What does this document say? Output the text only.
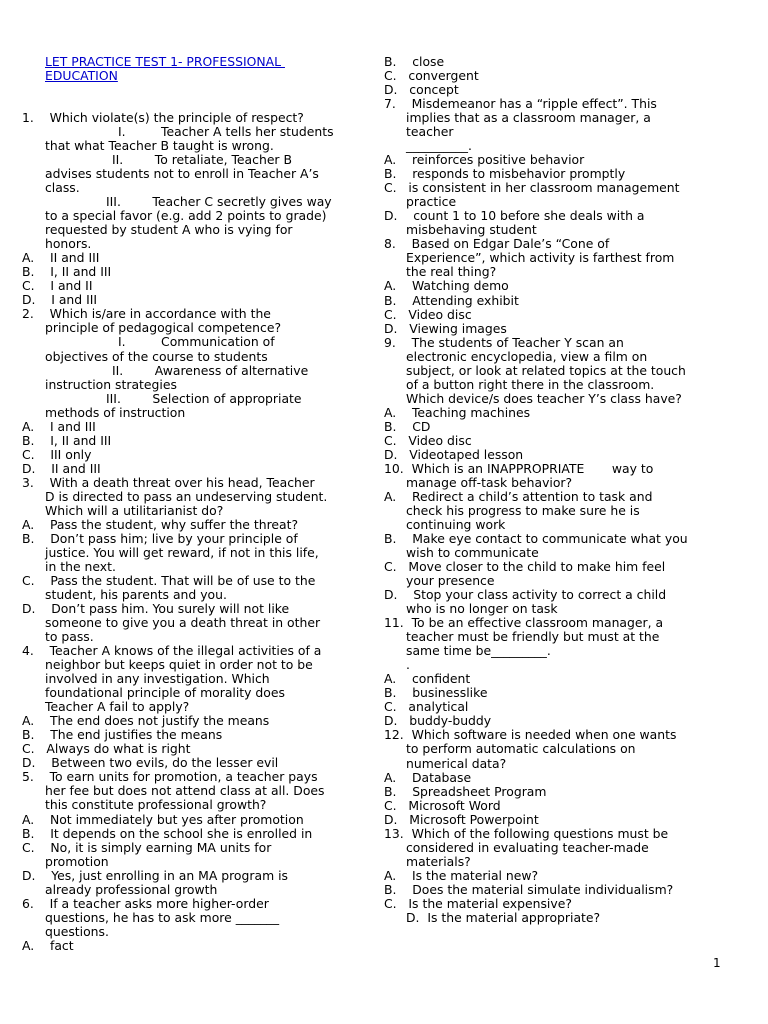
LET PRACTICE TEST 1- PROFESSIONAL
EDUCATION
1.    Which violate(s) the principle of respect?
I.         Teacher A tells her students
that what Teacher B taught is wrong.
II.        To retaliate, Teacher B
advises students not to enroll in Teacher A’s
class.
III.        Teacher C secretly gives way
to a special favor (e.g. add 2 points to grade)
requested by student A who is vying for
honors.
A.    II and III
B.    I, II and III
C.    I and II
D.    I and III
2.    Which is/are in accordance with the
principle of pedagogical competence?
I.         Communication of
objectives of the course to students
II.        Awareness of alternative
instruction strategies
III.        Selection of appropriate
methods of instruction
A.    I and III
B.    I, II and III
C.    III only
D.    II and III
3.    With a death threat over his head, Teacher
D is directed to pass an undeserving student.
Which will a utilitarianist do?
A.    Pass the student, why suffer the threat?
B.    Don’t pass him; live by your principle of
justice. You will get reward, if not in this life,
in the next.
C.    Pass the student. That will be of use to the
student, his parents and you.
D.    Don’t pass him. You surely will not like
someone to give you a death threat in other
to pass.
4.    Teacher A knows of the illegal activities of a
neighbor but keeps quiet in order not to be
involved in any investigation. Which
foundational principle of morality does
Teacher A fail to apply?
A.    The end does not justify the means
B.    The end justifies the means
C.   Always do what is right
D.    Between two evils, do the lesser evil
5.    To earn units for promotion, a teacher pays
her fee but does not attend class at all. Does
this constitute professional growth?
A.    Not immediately but yes after promotion
B.    It depends on the school she is enrolled in
C.    No, it is simply earning MA units for
promotion
D.    Yes, just enrolling in an MA program is
already professional growth
6.    If a teacher asks more higher-order
questions, he has to ask more _______
questions.
A.    fact
B.    close
C.   convergent
D.   concept
7.    Misdemeanor has a “ripple effect”. This
implies that as a classroom manager, a
teacher
__________.
A.    reinforces positive behavior
B.    responds to misbehavior promptly
C.   is consistent in her classroom management
practice
D.    count 1 to 10 before she deals with a
misbehaving student
8.    Based on Edgar Dale’s “Cone of
Experience”, which activity is farthest from
the real thing?
A.    Watching demo
B.    Attending exhibit
C.   Video disc
D.   Viewing images
9.    The students of Teacher Y scan an
electronic encyclopedia, view a film on
subject, or look at related topics at the touch
of a button right there in the classroom.
Which device/s does teacher Y’s class have?
A.    Teaching machines
B.    CD
C.   Video disc
D.   Videotaped lesson
10.  Which is an INAPPROPRIATE       way to
manage off-task behavior?
A.    Redirect a child’s attention to task and
check his progress to make sure he is
continuing work
B.    Make eye contact to communicate what you
wish to communicate
C.   Move closer to the child to make him feel
your presence
D.    Stop your class activity to correct a child
who is no longer on task
11.  To be an effective classroom manager, a
teacher must be friendly but must at the
same time be_________.
.
A.    confident
B.    businesslike
C.   analytical
D.   buddy-buddy
12.  Which software is needed when one wants
to perform automatic calculations on
numerical data?
A.    Database
B.    Spreadsheet Program
C.   Microsoft Word
D.   Microsoft Powerpoint
13.  Which of the following questions must be
considered in evaluating teacher-made
materials?
A.    Is the material new?
B.    Does the material simulate individualism?
C.   Is the material expensive?
D.  Is the material appropriate?
1
